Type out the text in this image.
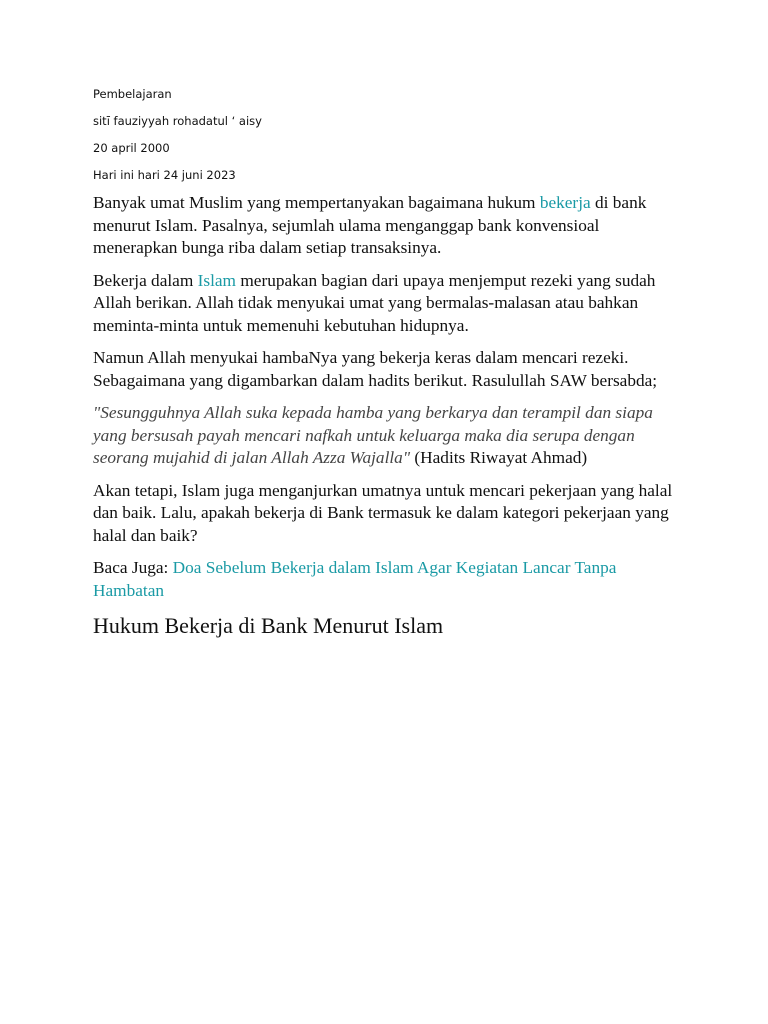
Pembelajaran

sitī fauziyyah rohadatul ‘ aisy

20 april 2000

Hari ini hari 24 juni 2023

Banyak umat Muslim yang mempertanyakan bagaimana hukum bekerja di bank menurut Islam. Pasalnya, sejumlah ulama menganggap bank konvensioal menerapkan bunga riba dalam setiap transaksinya.

Bekerja dalam Islam merupakan bagian dari upaya menjemput rezeki yang sudah Allah berikan. Allah tidak menyukai umat yang bermalas-malasan atau bahkan meminta-minta untuk memenuhi kebutuhan hidupnya.

Namun Allah menyukai hambaNya yang bekerja keras dalam mencari rezeki. Sebagaimana yang digambarkan dalam hadits berikut. Rasulullah SAW bersabda;

"Sesungguhnya Allah suka kepada hamba yang berkarya dan terampil dan siapa yang bersusah payah mencari nafkah untuk keluarga maka dia serupa dengan seorang mujahid di jalan Allah Azza Wajalla" (Hadits Riwayat Ahmad)

Akan tetapi, Islam juga menganjurkan umatnya untuk mencari pekerjaan yang halal dan baik. Lalu, apakah bekerja di Bank termasuk ke dalam kategori pekerjaan yang halal dan baik?

Baca Juga: Doa Sebelum Bekerja dalam Islam Agar Kegiatan Lancar Tanpa Hambatan

Hukum Bekerja di Bank Menurut Islam
